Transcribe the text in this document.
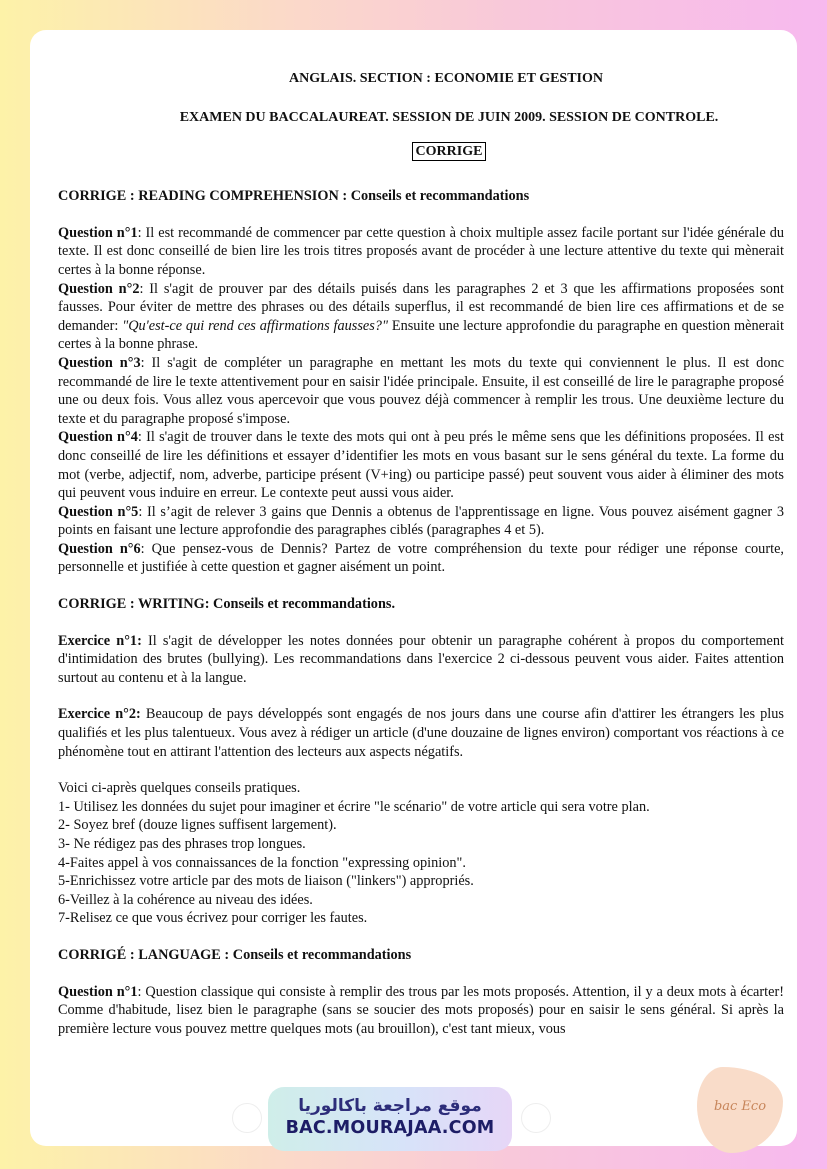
ANGLAIS. SECTION : ECONOMIE ET GESTION
EXAMEN DU BACCALAUREAT. SESSION DE JUIN 2009. SESSION DE CONTROLE.
CORRIGE
CORRIGE : READING COMPREHENSION : Conseils et recommandations

Question n°1: Il est recommandé de commencer par cette question à choix multiple assez facile portant sur l'idée générale du texte. Il est donc conseillé de bien lire les trois titres proposés avant de procéder à une lecture attentive du texte qui mènerait certes à la bonne réponse.

Question n°2: Il s'agit de prouver par des détails puisés dans les paragraphes 2 et 3 que les affirmations proposées sont fausses. Pour éviter de mettre des phrases ou des détails superflus, il est recommandé de bien lire ces affirmations et de se demander: "Qu'est-ce qui rend ces affirmations fausses?" Ensuite une lecture approfondie du paragraphe en question mènerait certes à la bonne phrase.

Question n°3: Il s'agit de compléter un paragraphe en mettant les mots du texte qui conviennent le plus. Il est donc recommandé de lire le texte attentivement pour en saisir l'idée principale. Ensuite, il est conseillé de lire le paragraphe proposé une ou deux fois. Vous allez vous apercevoir que vous pouvez déjà commencer à remplir les trous. Une deuxième lecture du texte et du paragraphe proposé s'impose.

Question n°4: Il s'agit de trouver dans le texte des mots qui ont à peu prés le même sens que les définitions proposées. Il est donc conseillé de lire les définitions et essayer d’identifier les mots en vous basant sur le sens général du texte. La forme du mot (verbe, adjectif, nom, adverbe, participe présent (V+ing) ou participe passé) peut souvent vous aider à éliminer des mots qui peuvent vous induire en erreur. Le contexte peut aussi vous aider.

Question n°5: Il s’agit de relever 3 gains que Dennis a obtenus de l'apprentissage en ligne. Vous pouvez aisément gagner 3 points en faisant une lecture approfondie des paragraphes ciblés (paragraphes 4 et 5).

Question n°6: Que pensez-vous de Dennis? Partez de votre compréhension du texte pour rédiger une réponse courte, personnelle et justifiée à cette question et gagner aisément un point.

CORRIGE : WRITING: Conseils et recommandations.

Exercice n°1: Il s'agit de développer les notes données pour obtenir un paragraphe cohérent à propos du comportement d'intimidation des brutes (bullying). Les recommandations dans l'exercice 2 ci-dessous peuvent vous aider. Faites attention surtout au contenu et à la langue.

Exercice n°2: Beaucoup de pays développés sont engagés de nos jours dans une course afin d'attirer les étrangers les plus qualifiés et les plus talentueux. Vous avez à rédiger un article (d'une douzaine de lignes environ) comportant vos réactions à ce phénomène tout en attirant l'attention des lecteurs aux aspects négatifs.

Voici ci-après quelques conseils pratiques.

1- Utilisez les données du sujet pour imaginer et écrire "le scénario" de votre article qui sera votre plan.

2- Soyez bref (douze lignes suffisent largement).

3- Ne rédigez pas des phrases trop longues.

4-Faites appel à vos connaissances de la fonction "expressing opinion".

5-Enrichissez votre article par des mots de liaison ("linkers") appropriés.

6-Veillez à la cohérence au niveau des idées.

7-Relisez ce que vous écrivez pour corriger les fautes.

CORRIGÉ : LANGUAGE : Conseils et recommandations

Question n°1: Question classique qui consiste à remplir des trous par les mots proposés. Attention, il y a deux mots à écarter! Comme d'habitude, lisez bien le paragraphe (sans se soucier des mots proposés) pour en saisir le sens général. Si après la première lecture vous pouvez mettre quelques mots (au brouillon), c'est tant mieux, vous

موقع مراجعة باكالوريا
BAC.MOURAJAA.COM
bac Eco
